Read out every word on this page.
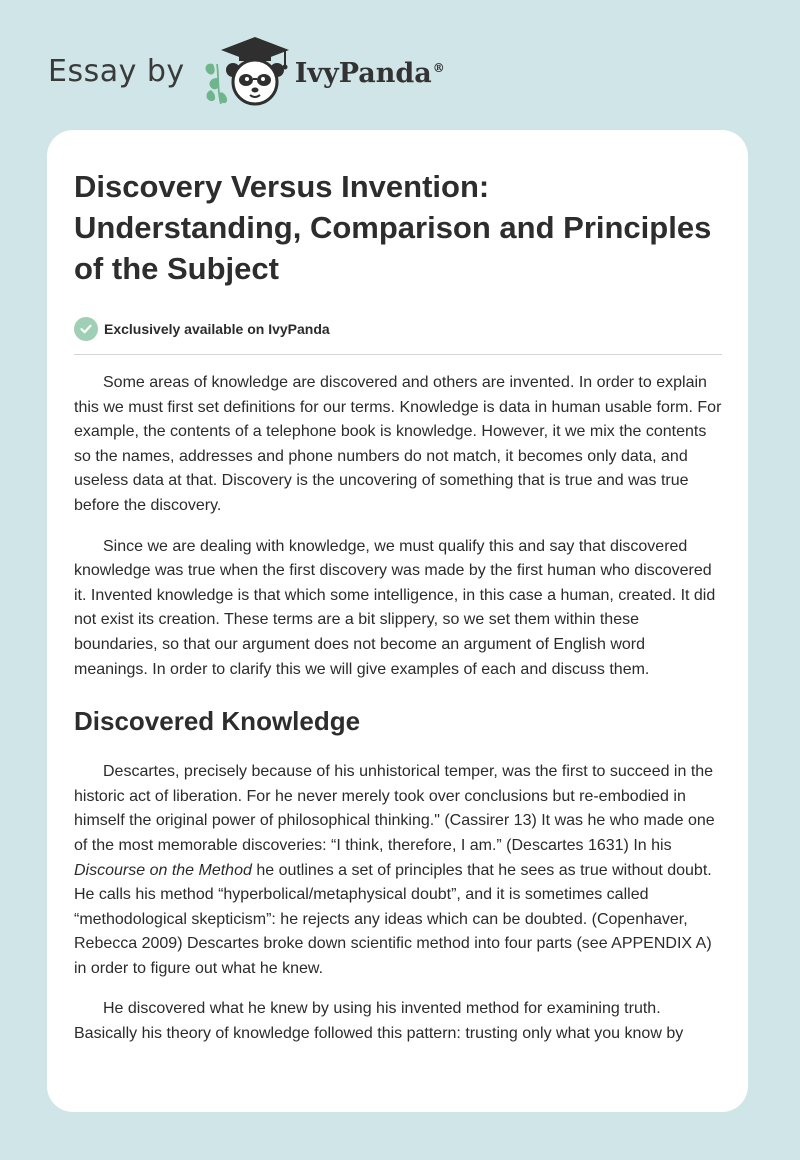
Essay by	IvyPanda®
Discovery Versus Invention: Understanding, Comparison and Principles of the Subject
Exclusively available on IvyPanda

Some areas of knowledge are discovered and others are invented. In order to explain this we must first set definitions for our terms. Knowledge is data in human usable form. For example, the contents of a telephone book is knowledge. However, it we mix the contents so the names, addresses and phone numbers do not match, it becomes only data, and useless data at that. Discovery is the uncovering of something that is true and was true before the discovery.

Since we are dealing with knowledge, we must qualify this and say that discovered knowledge was true when the first discovery was made by the first human who discovered it. Invented knowledge is that which some intelligence, in this case a human, created. It did not exist its creation. These terms are a bit slippery, so we set them within these boundaries, so that our argument does not become an argument of English word meanings. In order to clarify this we will give examples of each and discuss them.

Discovered Knowledge

Descartes, precisely because of his unhistorical temper, was the first to succeed in the historic act of liberation. For he never merely took over conclusions but re-embodied in himself the original power of philosophical thinking." (Cassirer 13) It was he who made one of the most memorable discoveries: “I think, therefore, I am.” (Descartes 1631) In his Discourse on the Method he outlines a set of principles that he sees as true without doubt. He calls his method “hyperbolical/metaphysical doubt”, and it is sometimes called “methodological skepticism”: he rejects any ideas which can be doubted. (Copenhaver, Rebecca 2009) Descartes broke down scientific method into four parts (see APPENDIX A) in order to figure out what he knew.

He discovered what he knew by using his invented method for examining truth. Basically his theory of knowledge followed this pattern: trusting only what you know by
